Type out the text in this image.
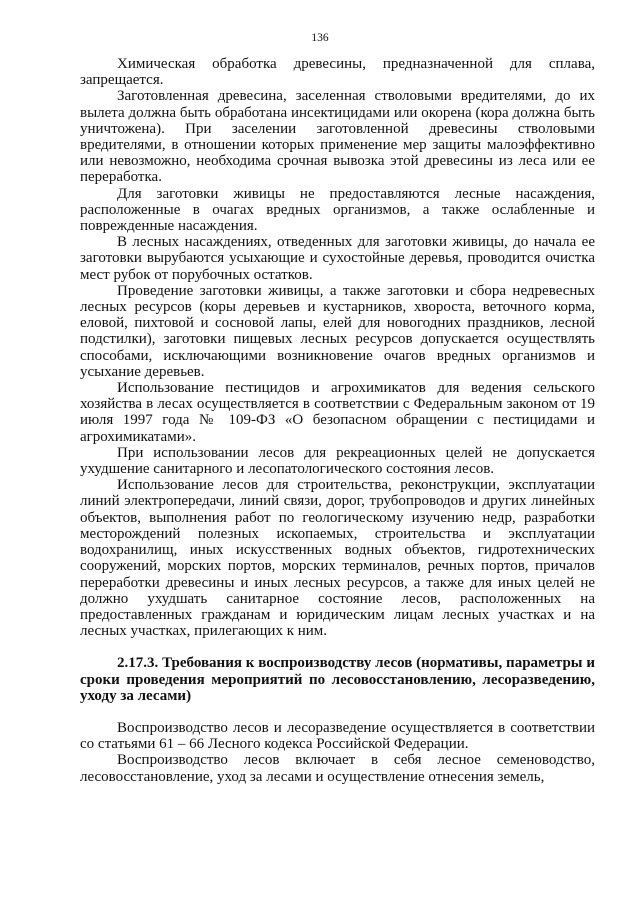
136

Химическая обработка древесины, предназначенной для сплава, запрещается.

Заготовленная древесина, заселенная стволовыми вредителями, до их вылета должна быть обработана инсектицидами или окорена (кора должна быть уничтожена). При заселении заготовленной древесины стволовыми вредителями, в отношении которых применение мер защиты малоэффективно или невозможно, необходима срочная вывозка этой древесины из леса или ее переработка.

Для заготовки живицы не предоставляются лесные насаждения, расположенные в очагах вредных организмов, а также ослабленные и поврежденные насаждения.

В лесных насаждениях, отведенных для заготовки живицы, до начала ее заготовки вырубаются усыхающие и сухостойные деревья, проводится очистка мест рубок от порубочных остатков.

Проведение заготовки живицы, а также заготовки и сбора недревесных лесных ресурсов (коры деревьев и кустарников, хвороста, веточного корма, еловой, пихтовой и сосновой лапы, елей для новогодних праздников, лесной подстилки), заготовки пищевых лесных ресурсов допускается осуществлять способами, исключающими возникновение очагов вредных организмов и усыхание деревьев.

Использование пестицидов и агрохимикатов для ведения сельского хозяйства в лесах осуществляется в соответствии с Федеральным законом от 19 июля 1997 года № 109-ФЗ «О безопасном обращении с пестицидами и агрохимикатами».

При использовании лесов для рекреационных целей не допускается ухудшение санитарного и лесопатологического состояния лесов.

Использование лесов для строительства, реконструкции, эксплуатации линий электропередачи, линий связи, дорог, трубопроводов и других линейных объектов, выполнения работ по геологическому изучению недр, разработки месторождений полезных ископаемых, строительства и эксплуатации водохранилищ, иных искусственных водных объектов, гидротехнических сооружений, морских портов, морских терминалов, речных портов, причалов переработки древесины и иных лесных ресурсов, а также для иных целей не должно ухудшать санитарное состояние лесов, расположенных на предоставленных гражданам и юридическим лицам лесных участках и на лесных участках, прилегающих к ним.

2.17.3. Требования к воспроизводству лесов (нормативы, параметры и сроки проведения мероприятий по лесовосстановлению, лесоразведению, уходу за лесами)

Воспроизводство лесов и лесоразведение осуществляется в соответствии со статьями 61 – 66 Лесного кодекса Российской Федерации.

Воспроизводство лесов включает в себя лесное семеноводство, лесовосстановление, уход за лесами и осуществление отнесения земель,
